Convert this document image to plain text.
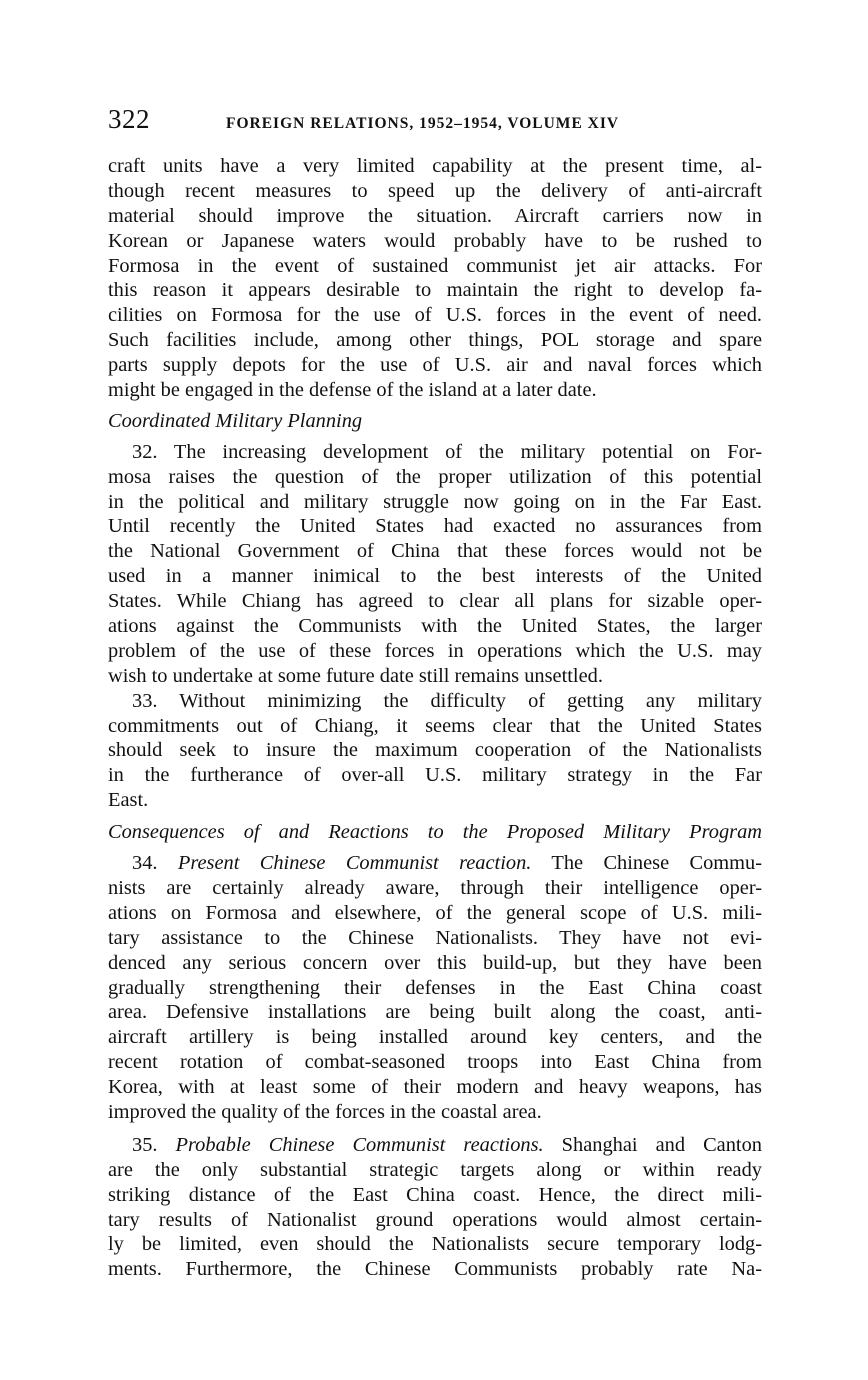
322	FOREIGN RELATIONS, 1952–1954, VOLUME XIV
craft units have a very limited capability at the present time, al-
though recent measures to speed up the delivery of anti-aircraft
material should improve the situation. Aircraft carriers now in
Korean or Japanese waters would probably have to be rushed to
Formosa in the event of sustained communist jet air attacks. For
this reason it appears desirable to maintain the right to develop fa-
cilities on Formosa for the use of U.S. forces in the event of need.
Such facilities include, among other things, POL storage and spare
parts supply depots for the use of U.S. air and naval forces which
might be engaged in the defense of the island at a later date.
Coordinated Military Planning
32. The increasing development of the military potential on For-
mosa raises the question of the proper utilization of this potential
in the political and military struggle now going on in the Far East.
Until recently the United States had exacted no assurances from
the National Government of China that these forces would not be
used in a manner inimical to the best interests of the United
States. While Chiang has agreed to clear all plans for sizable oper-
ations against the Communists with the United States, the larger
problem of the use of these forces in operations which the U.S. may
wish to undertake at some future date still remains unsettled.
33. Without minimizing the difficulty of getting any military
commitments out of Chiang, it seems clear that the United States
should seek to insure the maximum cooperation of the Nationalists
in the furtherance of over-all U.S. military strategy in the Far
East.
Consequences of and Reactions to the Proposed Military Program
34. Present Chinese Communist reaction. The Chinese Commu-
nists are certainly already aware, through their intelligence oper-
ations on Formosa and elsewhere, of the general scope of U.S. mili-
tary assistance to the Chinese Nationalists. They have not evi-
denced any serious concern over this build-up, but they have been
gradually strengthening their defenses in the East China coast
area. Defensive installations are being built along the coast, anti-
aircraft artillery is being installed around key centers, and the
recent rotation of combat-seasoned troops into East China from
Korea, with at least some of their modern and heavy weapons, has
improved the quality of the forces in the coastal area.
35. Probable Chinese Communist reactions. Shanghai and Canton
are the only substantial strategic targets along or within ready
striking distance of the East China coast. Hence, the direct mili-
tary results of Nationalist ground operations would almost certain-
ly be limited, even should the Nationalists secure temporary lodg-
ments. Furthermore, the Chinese Communists probably rate Na-
